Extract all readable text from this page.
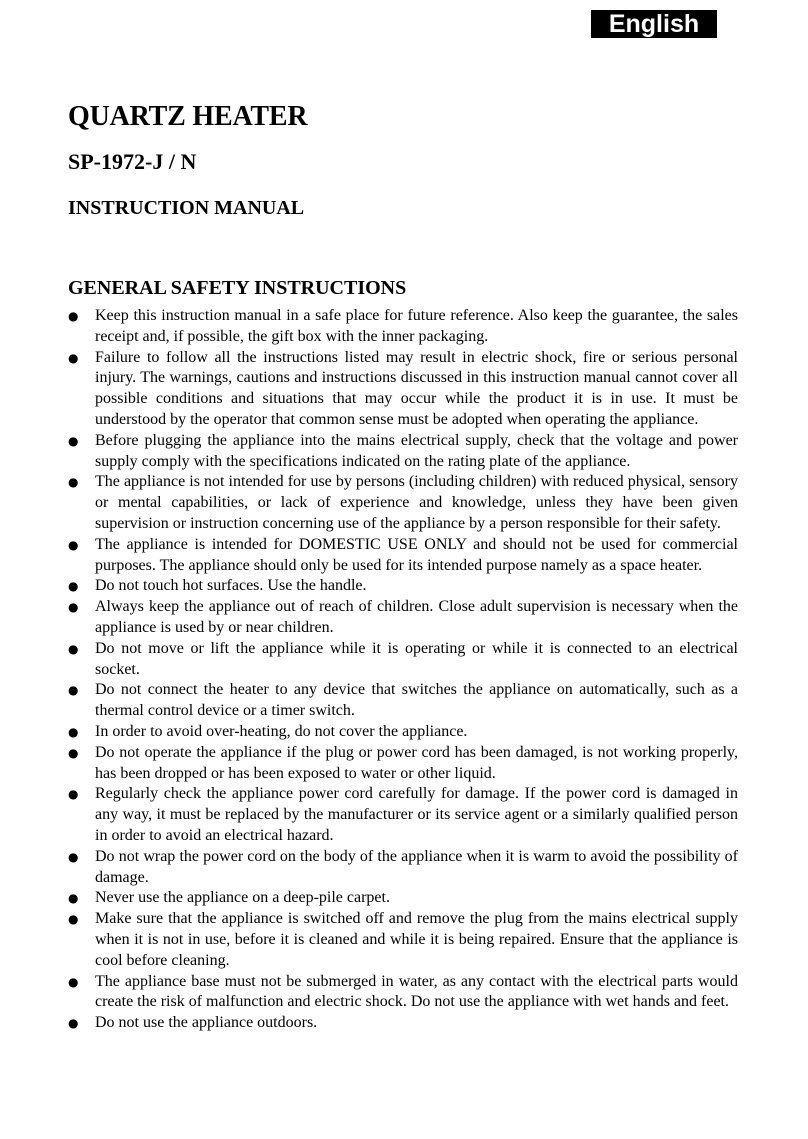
English
QUARTZ HEATER
SP-1972-J / N
INSTRUCTION MANUAL
GENERAL SAFETY INSTRUCTIONS
● Keep this instruction manual in a safe place for future reference. Also keep the guarantee, the sales receipt and, if possible, the gift box with the inner packaging.
● Failure to follow all the instructions listed may result in electric shock, fire or serious personal injury. The warnings, cautions and instructions discussed in this instruction manual cannot cover all possible conditions and situations that may occur while the product it is in use. It must be understood by the operator that common sense must be adopted when operating the appliance.
● Before plugging the appliance into the mains electrical supply, check that the voltage and power supply comply with the specifications indicated on the rating plate of the appliance.
● The appliance is not intended for use by persons (including children) with reduced physical, sensory or mental capabilities, or lack of experience and knowledge, unless they have been given supervision or instruction concerning use of the appliance by a person responsible for their safety.
● The appliance is intended for DOMESTIC USE ONLY and should not be used for commercial purposes. The appliance should only be used for its intended purpose namely as a space heater.
● Do not touch hot surfaces. Use the handle.
● Always keep the appliance out of reach of children. Close adult supervision is necessary when the appliance is used by or near children.
● Do not move or lift the appliance while it is operating or while it is connected to an electrical socket.
● Do not connect the heater to any device that switches the appliance on automatically, such as a thermal control device or a timer switch.
● In order to avoid over-heating, do not cover the appliance.
● Do not operate the appliance if the plug or power cord has been damaged, is not working properly, has been dropped or has been exposed to water or other liquid.
● Regularly check the appliance power cord carefully for damage. If the power cord is damaged in any way, it must be replaced by the manufacturer or its service agent or a similarly qualified person in order to avoid an electrical hazard.
● Do not wrap the power cord on the body of the appliance when it is warm to avoid the possibility of damage.
● Never use the appliance on a deep-pile carpet.
● Make sure that the appliance is switched off and remove the plug from the mains electrical supply when it is not in use, before it is cleaned and while it is being repaired. Ensure that the appliance is cool before cleaning.
● The appliance base must not be submerged in water, as any contact with the electrical parts would create the risk of malfunction and electric shock. Do not use the appliance with wet hands and feet.
● Do not use the appliance outdoors.
